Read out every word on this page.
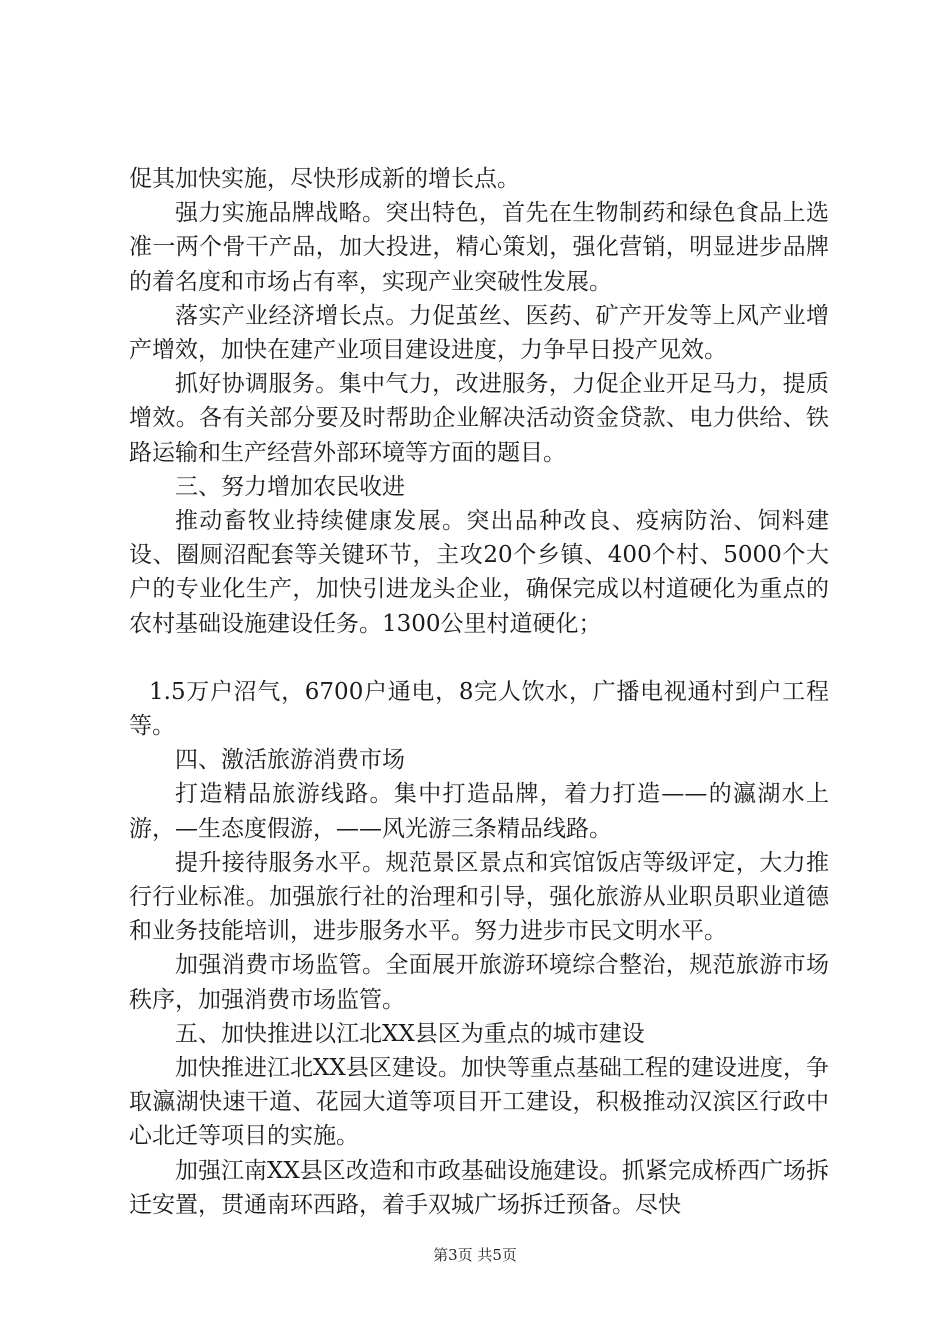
促其加快实施，尽快形成新的增长点。

强力实施品牌战略。突出特色，首先在生物制药和绿色食品上选准一两个骨干产品，加大投进，精心策划，强化营销，明显进步品牌的着名度和市场占有率，实现产业突破性发展。

落实产业经济增长点。力促茧丝、医药、矿产开发等上风产业增产增效，加快在建产业项目建设进度，力争早日投产见效。

抓好协调服务。集中气力，改进服务，力促企业开足马力，提质增效。各有关部分要及时帮助企业解决活动资金贷款、电力供给、铁路运输和生产经营外部环境等方面的题目。

三、努力增加农民收进

推动畜牧业持续健康发展。突出品种改良、疫病防治、饲料建设、圈厕沼配套等关键环节，主攻20个乡镇、400个村、5000个大户的专业化生产，加快引进龙头企业，确保完成以村道硬化为重点的农村基础设施建设任务。1300公里村道硬化；

1.5万户沼气，6700户通电，8完人饮水，广播电视通村到户工程等。

四、激活旅游消费市场

打造精品旅游线路。集中打造品牌，着力打造——的瀛湖水上游，—生态度假游，——风光游三条精品线路。

提升接待服务水平。规范景区景点和宾馆饭店等级评定，大力推行行业标准。加强旅行社的治理和引导，强化旅游从业职员职业道德和业务技能培训，进步服务水平。努力进步市民文明水平。

加强消费市场监管。全面展开旅游环境综合整治，规范旅游市场秩序，加强消费市场监管。

五、加快推进以江北XX县区为重点的城市建设

加快推进江北XX县区建设。加快等重点基础工程的建设进度，争取瀛湖快速干道、花园大道等项目开工建设，积极推动汉滨区行政中心北迁等项目的实施。

加强江南XX县区改造和市政基础设施建设。抓紧完成桥西广场拆迁安置，贯通南环西路，着手双城广场拆迁预备。尽快

第3页 共5页
